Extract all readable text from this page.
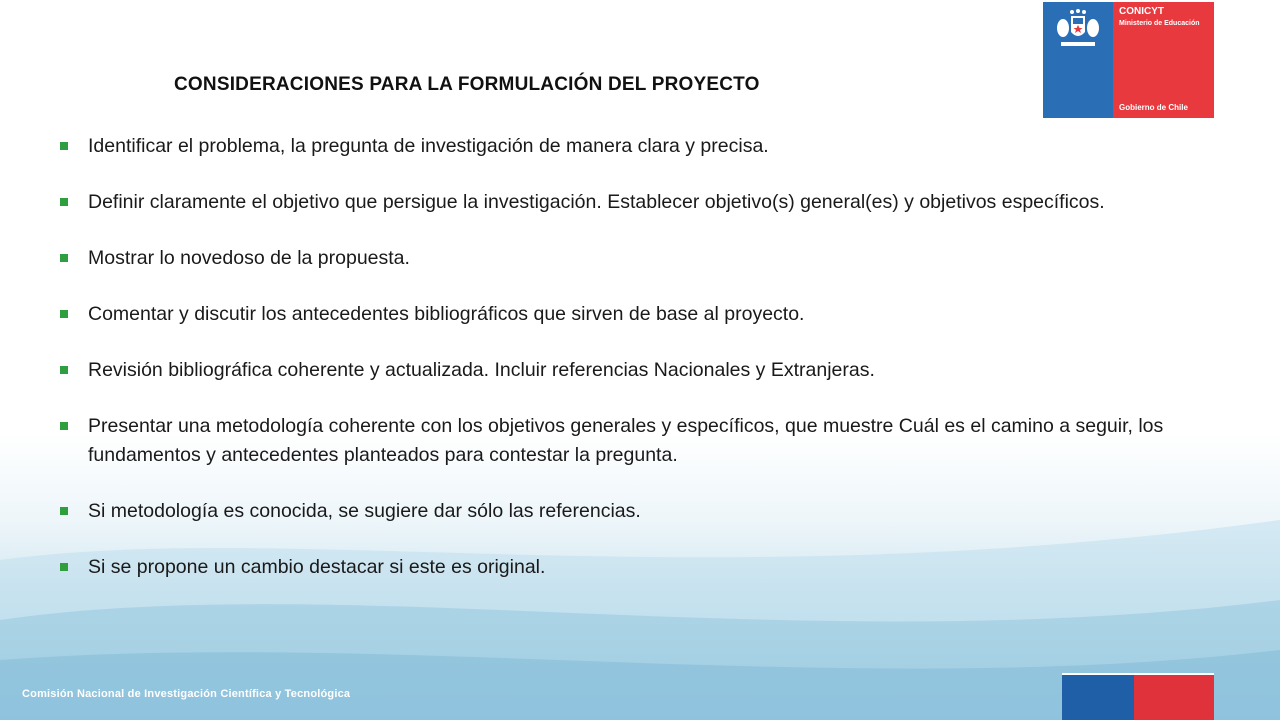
CONSIDERACIONES PARA LA FORMULACIÓN DEL PROYECTO
Identificar el problema, la pregunta de investigación de manera clara y precisa.
Definir claramente el objetivo que persigue la investigación. Establecer objetivo(s) general(es) y objetivos específicos.
Mostrar lo novedoso de la propuesta.
Comentar y discutir los antecedentes bibliográficos que sirven de base al proyecto.
Revisión bibliográfica coherente y actualizada. Incluir referencias Nacionales y Extranjeras.
Presentar una metodología coherente con los objetivos generales y específicos, que muestre Cuál es el camino a seguir, los fundamentos y antecedentes planteados para contestar la pregunta.
Si metodología es conocida, se sugiere dar sólo las referencias.
Si se propone un cambio destacar si este es original.
CONICYT
Ministerio de Educación
Gobierno de Chile
Comisión Nacional de Investigación Científica y Tecnológica
